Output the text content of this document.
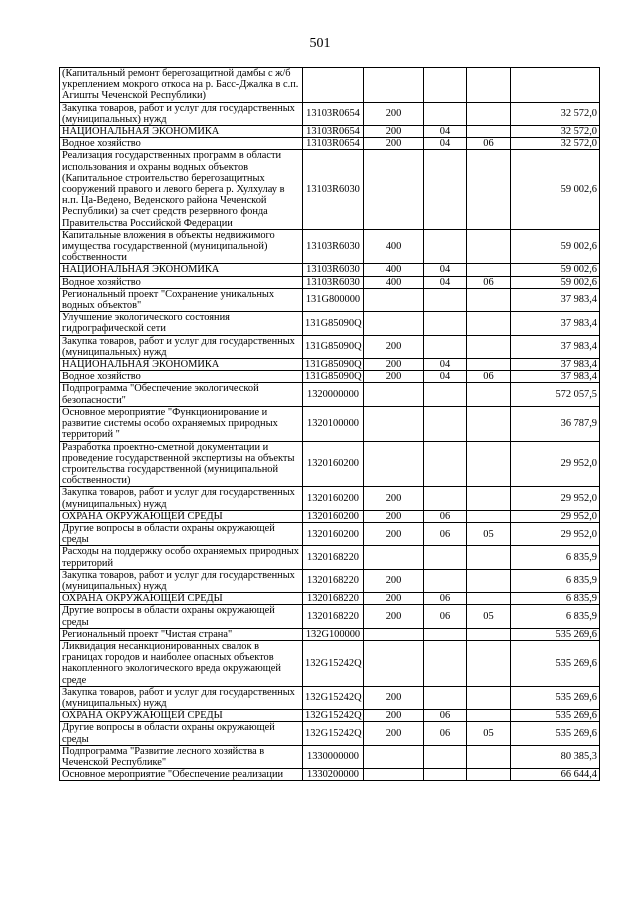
501
(Капитальный ремонт берегозащитной дамбы с ж/б укреплением мокрого откоса на р. Басс-Джалка в с.п. Агишты Чеченской Республики)					
Закупка товаров, работ и услуг для государственных (муниципальных) нужд	13103R0654	200			32 572,0
НАЦИОНАЛЬНАЯ ЭКОНОМИКА	13103R0654	200	04		32 572,0
Водное хозяйство	13103R0654	200	04	06	32 572,0
Реализация государственных программ в области использования и охраны водных объектов (Капитальное строительство берегозащитных сооружений правого и левого берега р. Хулхулау в н.п. Ца-Ведено, Веденского района Чеченской Республики) за счет средств резервного фонда Правительства Российской Федерации	13103R6030				59 002,6
Капитальные вложения в объекты недвижимого имущества государственной (муниципальной) собственности	13103R6030	400			59 002,6
НАЦИОНАЛЬНАЯ ЭКОНОМИКА	13103R6030	400	04		59 002,6
Водное хозяйство	13103R6030	400	04	06	59 002,6
Региональный проект "Сохранение уникальных водных объектов"	131G800000				37 983,4
Улучшение экологического состояния гидрографической сети	131G85090Q				37 983,4
Закупка товаров, работ и услуг для государственных (муниципальных) нужд	131G85090Q	200			37 983,4
НАЦИОНАЛЬНАЯ ЭКОНОМИКА	131G85090Q	200	04		37 983,4
Водное хозяйство	131G85090Q	200	04	06	37 983,4
Подпрограмма "Обеспечение экологической безопасности"	1320000000				572 057,5
Основное мероприятие "Функционирование и развитие системы особо охраняемых природных территорий "	1320100000				36 787,9
Разработка проектно-сметной документации и проведение государственной экспертизы на объекты строительства государственной (муниципальной собственности)	1320160200				29 952,0
Закупка товаров, работ и услуг для государственных (муниципальных) нужд	1320160200	200			29 952,0
ОХРАНА ОКРУЖАЮЩЕЙ СРЕДЫ	1320160200	200	06		29 952,0
Другие вопросы в области охраны окружающей среды	1320160200	200	06	05	29 952,0
Расходы на поддержку особо охраняемых природных территорий	1320168220				6 835,9
Закупка товаров, работ и услуг для государственных (муниципальных) нужд	1320168220	200			6 835,9
ОХРАНА ОКРУЖАЮЩЕЙ СРЕДЫ	1320168220	200	06		6 835,9
Другие вопросы в области охраны окружающей среды	1320168220	200	06	05	6 835,9
Региональный проект "Чистая страна"	132G100000				535 269,6
Ликвидация несанкционированных свалок в границах городов и наиболее опасных объектов накопленного экологического вреда окружающей среде	132G15242Q				535 269,6
Закупка товаров, работ и услуг для государственных (муниципальных) нужд	132G15242Q	200			535 269,6
ОХРАНА ОКРУЖАЮЩЕЙ СРЕДЫ	132G15242Q	200	06		535 269,6
Другие вопросы в области охраны окружающей среды	132G15242Q	200	06	05	535 269,6
Подпрограмма "Развитие лесного хозяйства в Чеченской Республике"	1330000000				80 385,3
Основное мероприятие "Обеспечение реализации	1330200000				66 644,4
